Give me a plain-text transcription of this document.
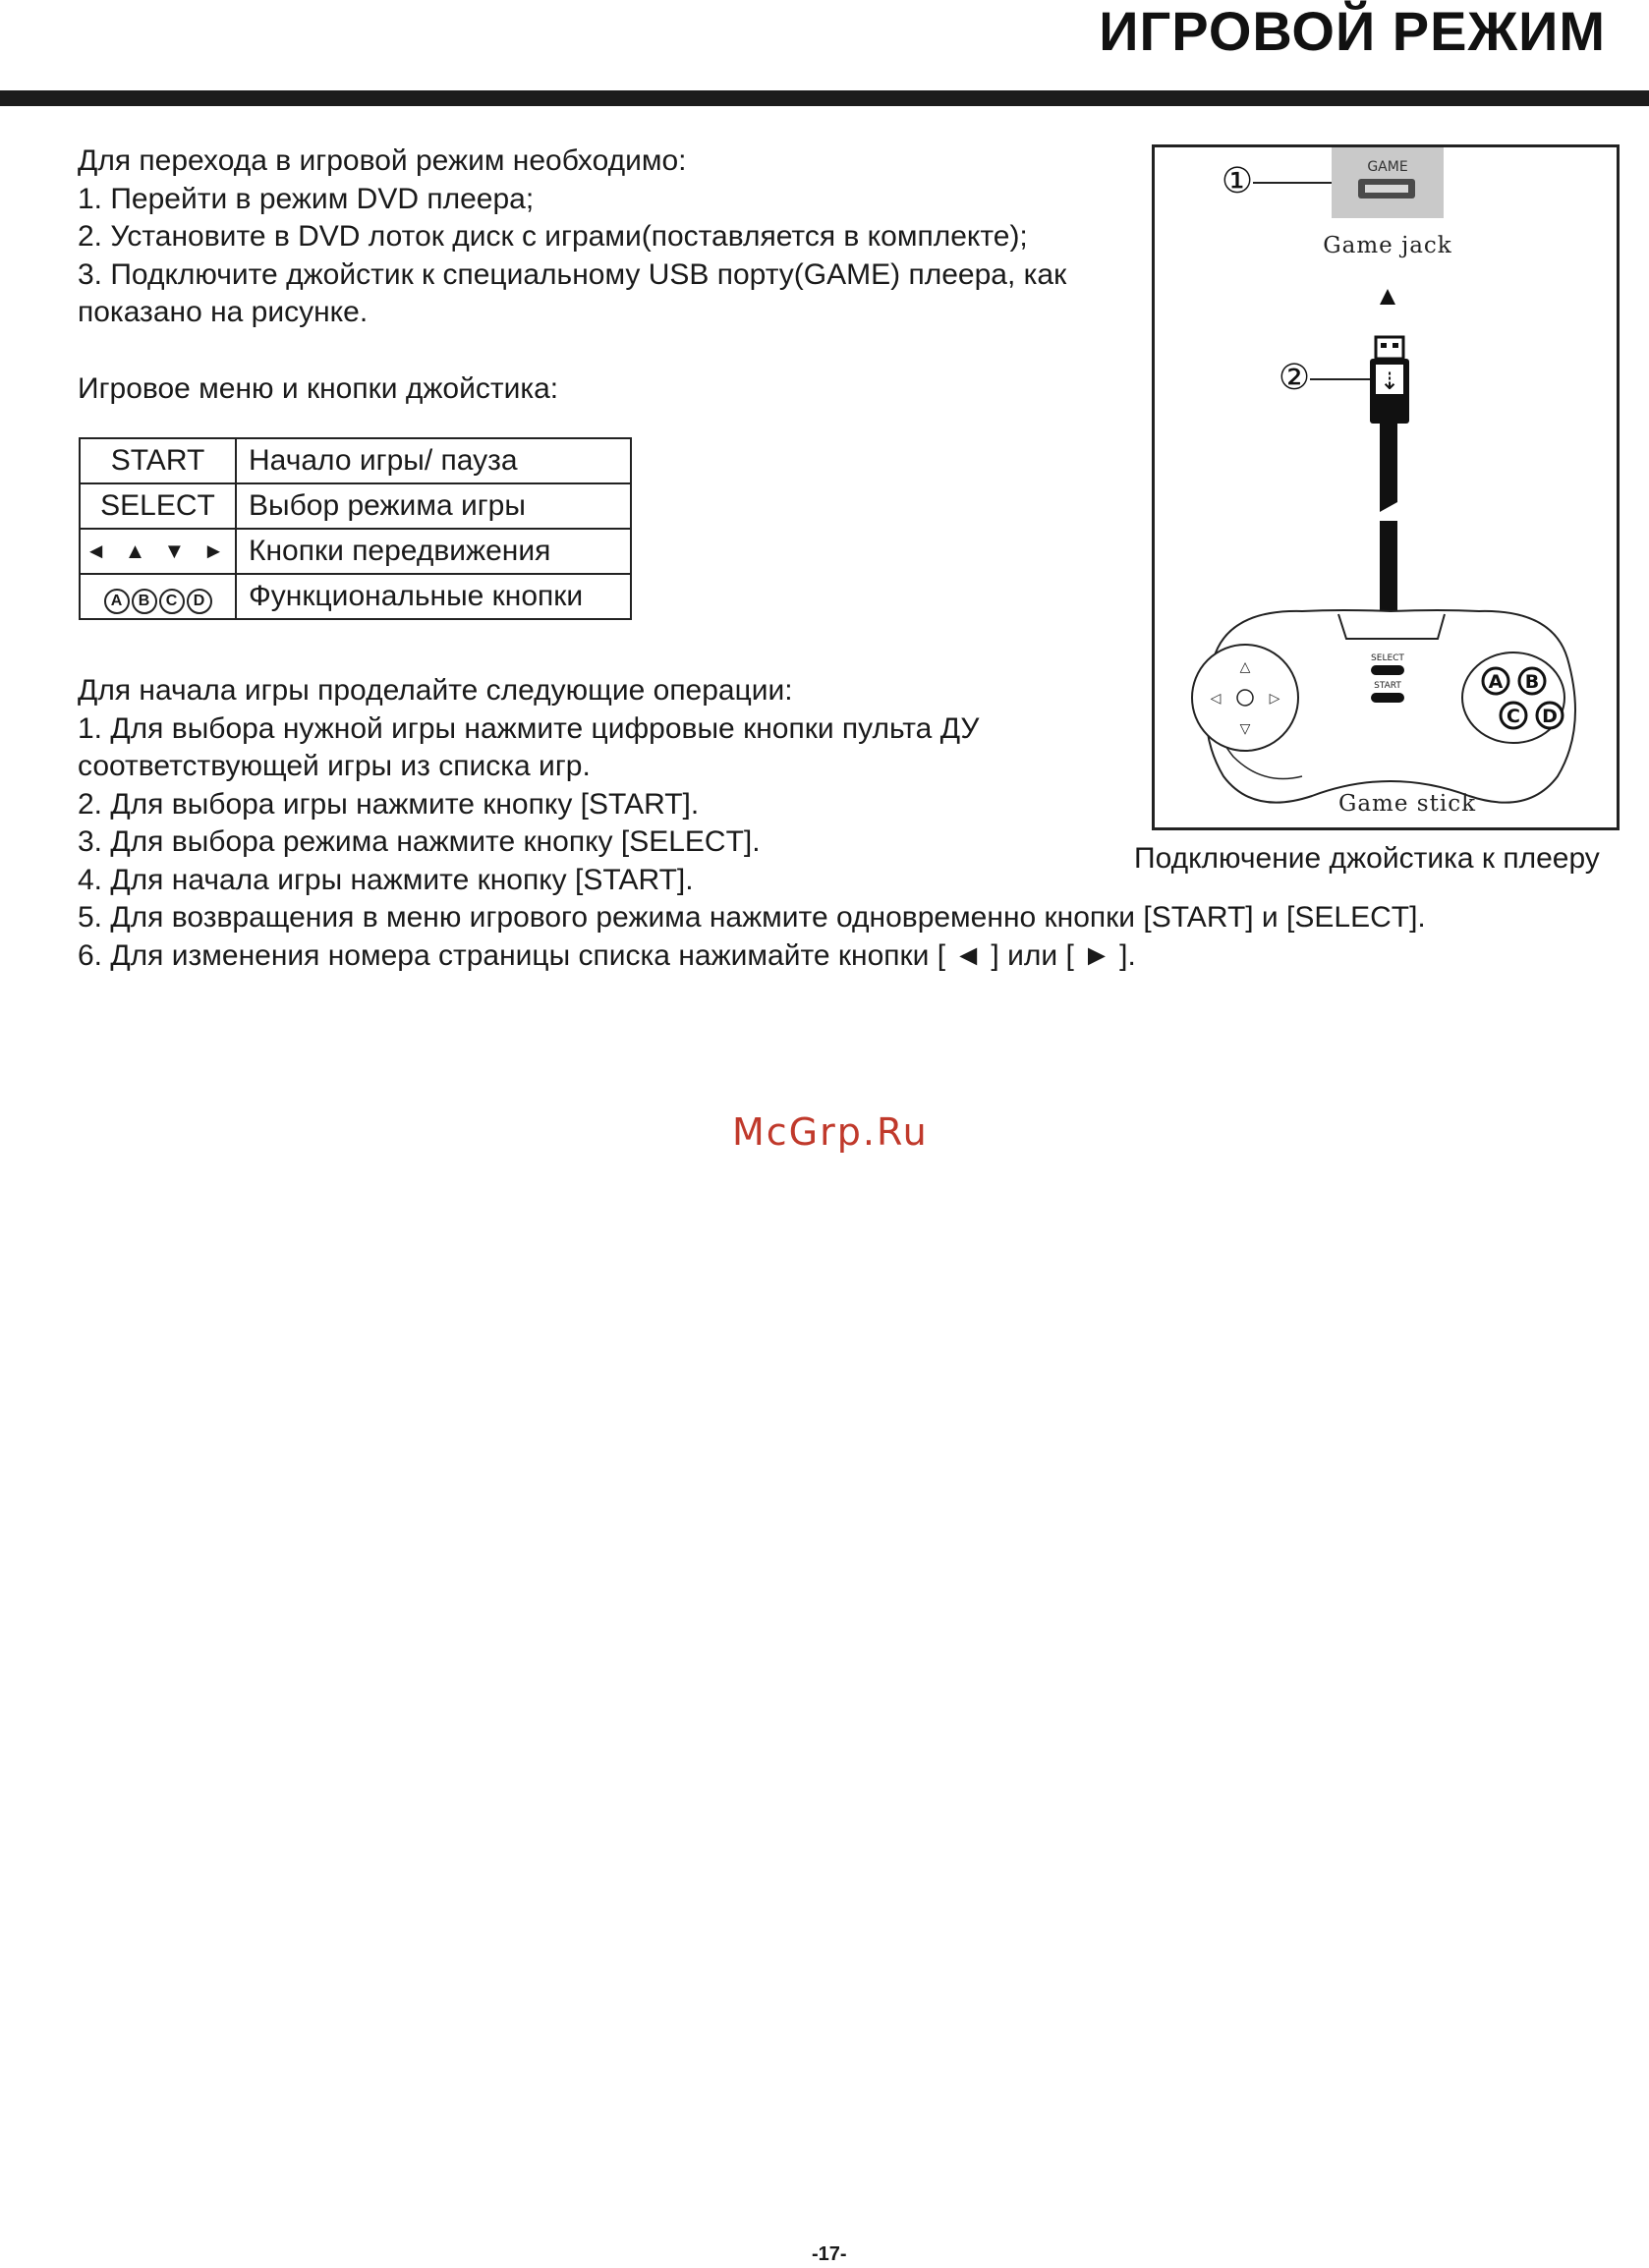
ИГРОВОЙ РЕЖИМ
Для перехода в игровой режим необходимо:
1. Перейти в режим DVD плеера;
2. Установите в DVD лоток диск с играми(поставляется в комплекте);
3. Подключите джойстик к специальному USB порту(GAME) плеера, как
показано на рисунке.
Игровое меню и кнопки джойстика:
START	Начало игры/ пауза
SELECT	Выбор режима игры
◄ ▲ ▼ ►	Кнопки передвижения
A B C D	Функциональные кнопки
Для начала игры проделайте следующие операции:
1. Для выбора нужной игры нажмите цифровые кнопки пульта ДУ
соответствующей игры из списка игр.
2. Для выбора игры нажмите кнопку [START].
3. Для выбора режима нажмите кнопку [SELECT].
4. Для начала игры нажмите кнопку [START].
5. Для возвращения в меню игрового режима нажмите одновременно кнопки [START] и [SELECT].
6. Для изменения номера страницы списка нажимайте кнопки [ ◄ ] или [ ► ].
GAME
①
Game jack
⇣
②
△
▽
◁	▷
SELECT
START	A B
C D
Game stick
Подключение джойстика к плееру
McGrp.Ru
-17-
